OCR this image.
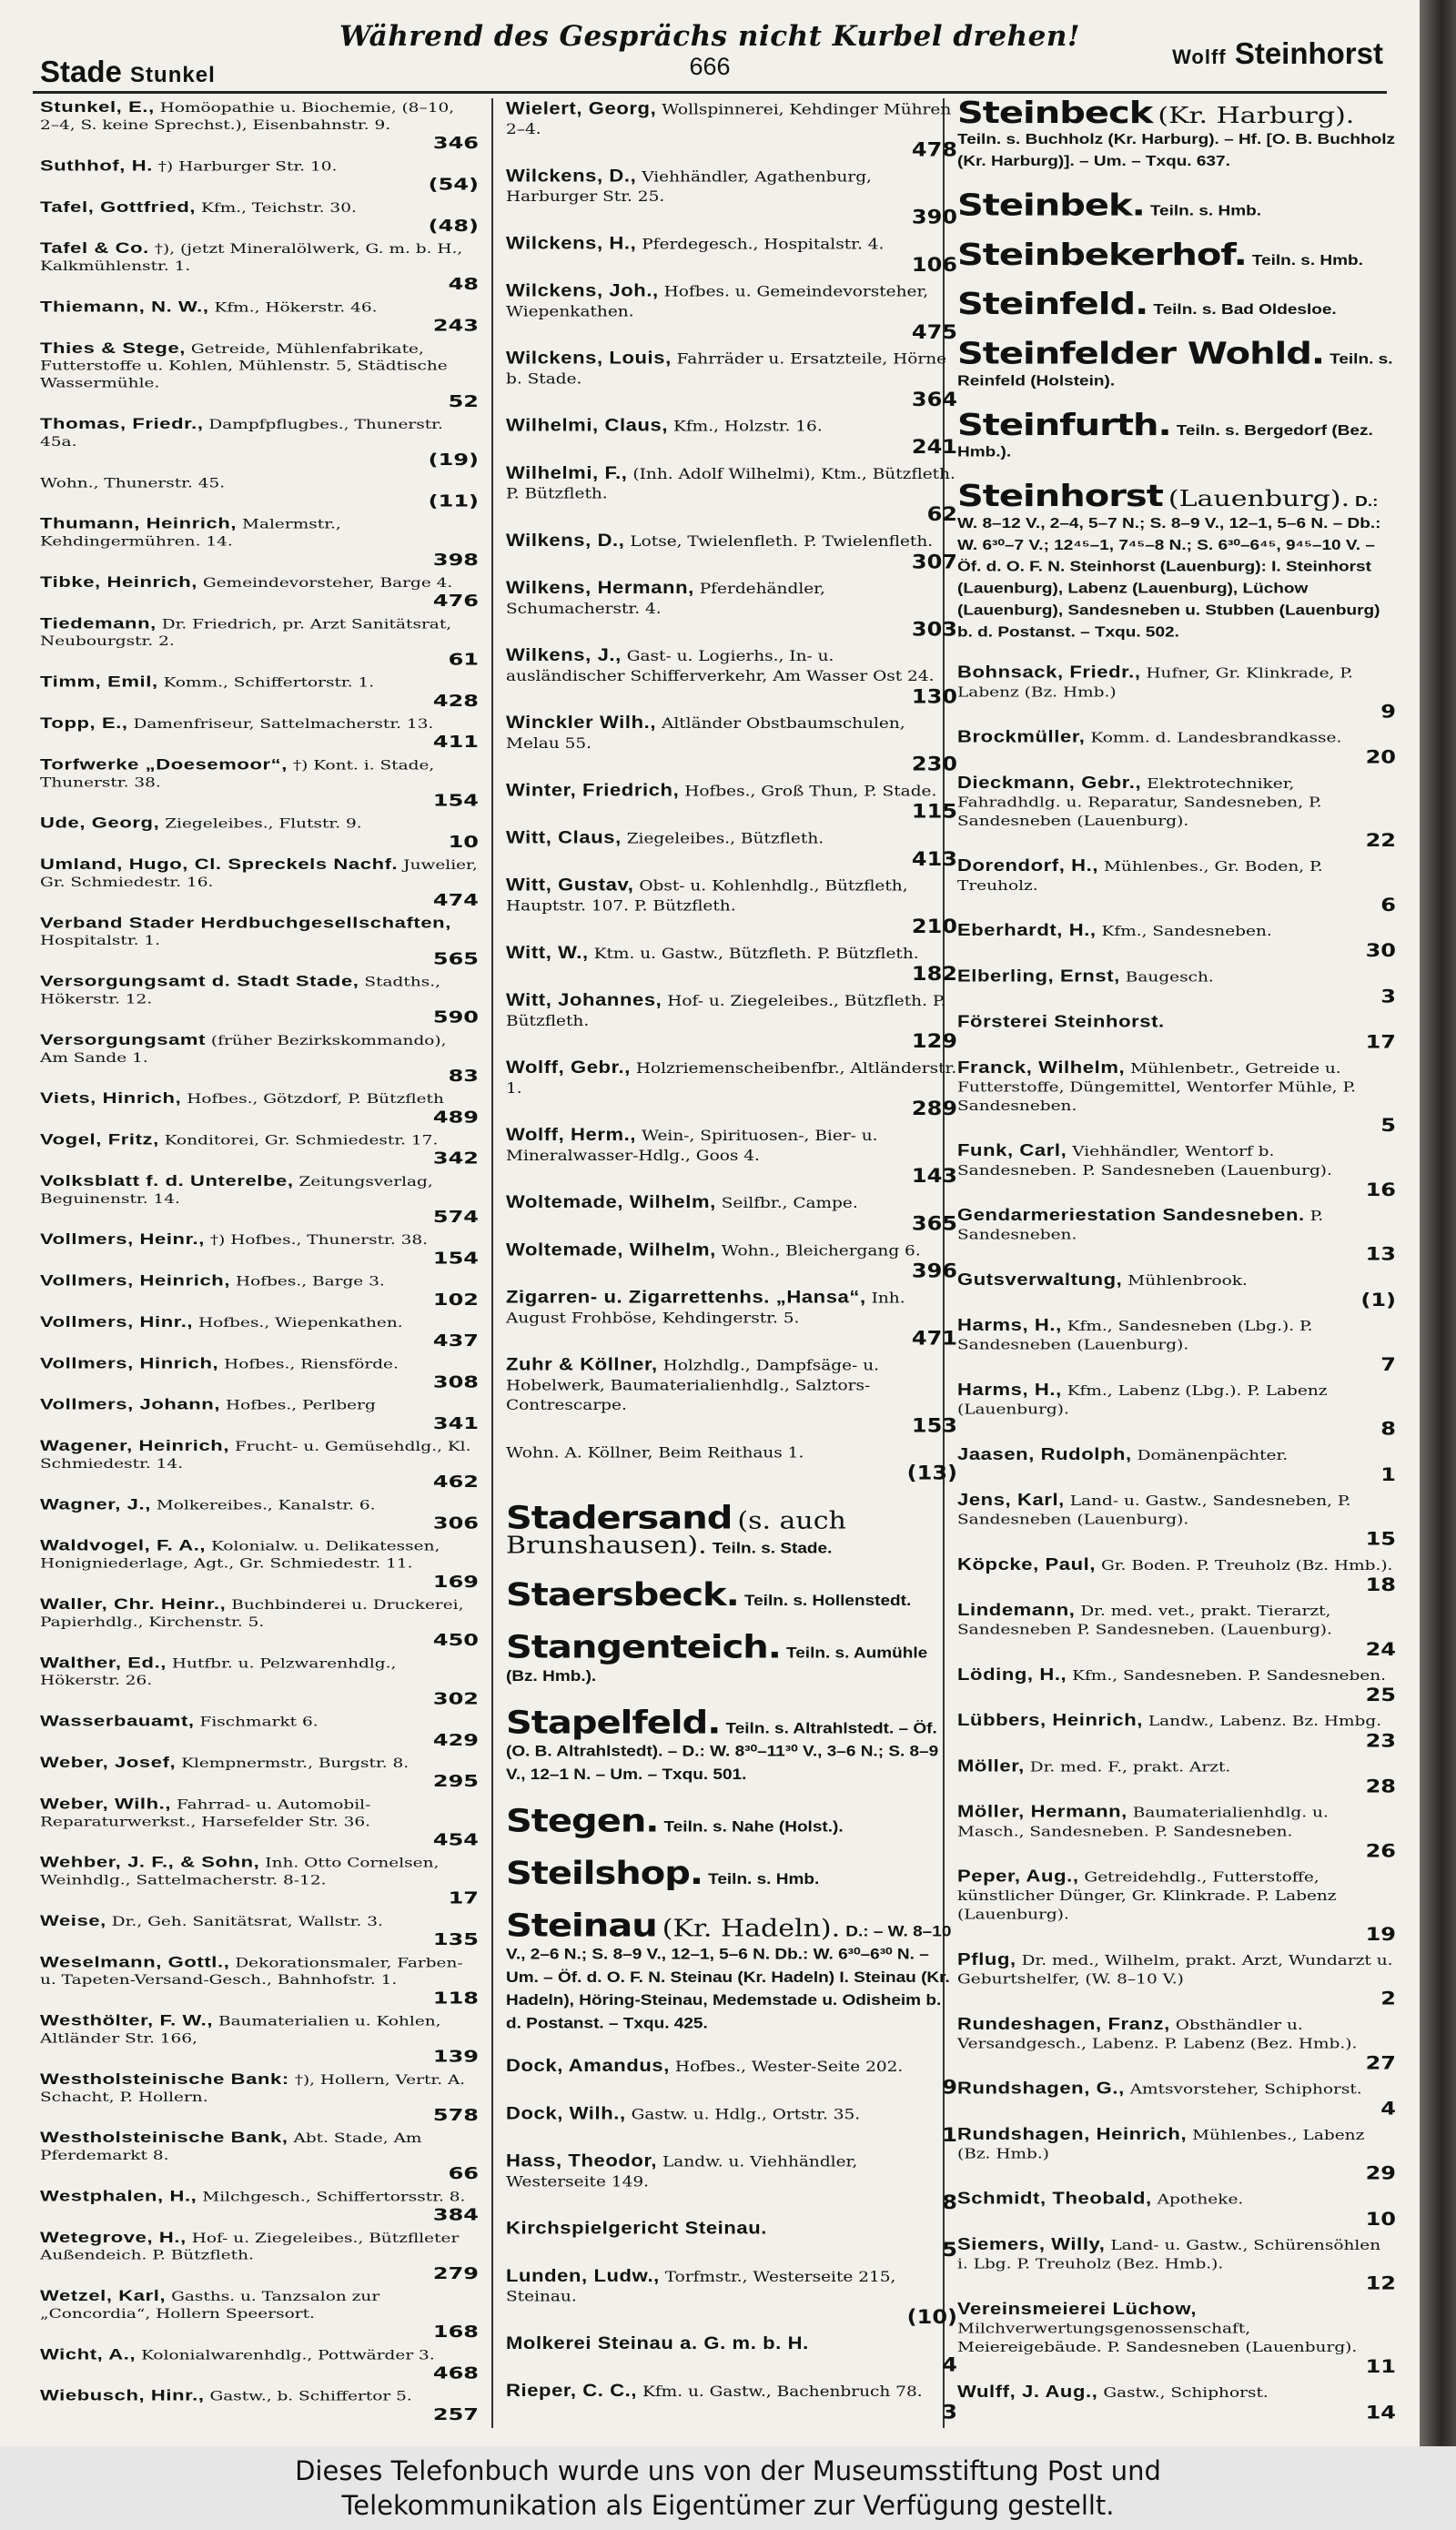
Während des Gesprächs nicht Kurbel drehen!
Stade Stunkel	666	Wolff Steinhorst
Stunkel, E., Homöopathie u. Biochemie, (8–10, 2–4, S. keine Sprechst.), Eisenbahnstr. 9.
346
Suthhof, H. †) Harburger Str. 10.
(54)
Tafel, Gottfried, Kfm., Teichstr. 30.
(48)
Tafel & Co. †), (jetzt Mineralölwerk, G. m. b. H., Kalkmühlenstr. 1.
48
Thiemann, N. W., Kfm., Hökerstr. 46.
243
Thies & Stege, Getreide, Mühlenfabrikate, Futterstoffe u. Kohlen, Mühlenstr. 5, Städtische Wassermühle.
52
Thomas, Friedr., Dampfpflugbes., Thunerstr. 45a.
(19)
Wohn., Thunerstr. 45.
(11)
Thumann, Heinrich, Malermstr., Kehdingermühren. 14.
398
Tibke, Heinrich, Gemeindevorsteher, Barge 4.
476
Tiedemann, Dr. Friedrich, pr. Arzt Sanitätsrat, Neubourgstr. 2.
61
Timm, Emil, Komm., Schiffertorstr. 1.
428
Topp, E., Damenfriseur, Sattelmacherstr. 13.
411
Torfwerke „Doesemoor“, †) Kont. i. Stade, Thunerstr. 38.
154
Ude, Georg, Ziegeleibes., Flutstr. 9.
10
Umland, Hugo, Cl. Spreckels Nachf. Juwelier, Gr. Schmiedestr. 16.
474
Verband Stader Herdbuchgesellschaften, Hospitalstr. 1.
565
Versorgungsamt d. Stadt Stade, Stadths., Hökerstr. 12.
590
Versorgungsamt (früher Bezirkskommando), Am Sande 1.
83
Viets, Hinrich, Hofbes., Götzdorf, P. Bützfleth
489
Vogel, Fritz, Konditorei, Gr. Schmiedestr. 17.
342
Volksblatt f. d. Unterelbe, Zeitungsverlag, Beguinenstr. 14.
574
Vollmers, Heinr., †) Hofbes., Thunerstr. 38.
154
Vollmers, Heinrich, Hofbes., Barge 3.
102
Vollmers, Hinr., Hofbes., Wiepenkathen.
437
Vollmers, Hinrich, Hofbes., Riensförde.
308
Vollmers, Johann, Hofbes., Perlberg
341
Wagener, Heinrich, Frucht- u. Gemüsehdlg., Kl. Schmiedestr. 14.
462
Wagner, J., Molkereibes., Kanalstr. 6.
306
Waldvogel, F. A., Kolonialw. u. Delikatessen, Honigniederlage, Agt., Gr. Schmiedestr. 11.
169
Waller, Chr. Heinr., Buchbinderei u. Druckerei, Papierhdlg., Kirchenstr. 5.
450
Walther, Ed., Hutfbr. u. Pelzwarenhdlg., Hökerstr. 26.
302
Wasserbauamt, Fischmarkt 6.
429
Weber, Josef, Klempnermstr., Burgstr. 8.
295
Weber, Wilh., Fahrrad- u. Automobil-Reparaturwerkst., Harsefelder Str. 36.
454
Wehber, J. F., & Sohn, Inh. Otto Cornelsen, Weinhdlg., Sattelmacherstr. 8-12.
17
Weise, Dr., Geh. Sanitätsrat, Wallstr. 3.
135
Weselmann, Gottl., Dekorationsmaler, Farben- u. Tapeten-Versand-Gesch., Bahnhofstr. 1.
118
Westhölter, F. W., Baumaterialien u. Kohlen, Altländer Str. 166,
139
Westholsteinische Bank: †), Hollern, Vertr. A. Schacht, P. Hollern.
578
Westholsteinische Bank, Abt. Stade, Am Pferdemarkt 8.
66
Westphalen, H., Milchgesch., Schiffertorsstr. 8.
384
Wetegrove, H., Hof- u. Ziegeleibes., Bützflleter Außendeich. P. Bützfleth.
279
Wetzel, Karl, Gasths. u. Tanzsalon zur „Concordia“, Hollern Speersort.
168
Wicht, A., Kolonialwarenhdlg., Pottwärder 3.
468
Wiebusch, Hinr., Gastw., b. Schiffertor 5.
257
Wielert, Georg, Wollspinnerei, Kehdinger Mühren 2–4.
478
Wilckens, D., Viehhändler, Agathenburg, Harburger Str. 25.
390
Wilckens, H., Pferdegesch., Hospitalstr. 4.
106
Wilckens, Joh., Hofbes. u. Gemeindevorsteher, Wiepenkathen.
475
Wilckens, Louis, Fahrräder u. Ersatzteile, Hörne b. Stade.
364
Wilhelmi, Claus, Kfm., Holzstr. 16.
241
Wilhelmi, F., (Inh. Adolf Wilhelmi), Ktm., Bützfleth. P. Bützfleth.
62
Wilkens, D., Lotse, Twielenfleth. P. Twielenfleth.
307
Wilkens, Hermann, Pferdehändler, Schumacherstr. 4.
303
Wilkens, J., Gast- u. Logierhs., In- u. ausländischer Schifferverkehr, Am Wasser Ost 24.
130
Winckler Wilh., Altländer Obstbaumschulen, Melau 55.
230
Winter, Friedrich, Hofbes., Groß Thun, P. Stade.
115
Witt, Claus, Ziegeleibes., Bützfleth.
413
Witt, Gustav, Obst- u. Kohlenhdlg., Bützfleth, Hauptstr. 107. P. Bützfleth.
210
Witt, W., Ktm. u. Gastw., Bützfleth. P. Bützfleth.
182
Witt, Johannes, Hof- u. Ziegeleibes., Bützfleth. P. Bützfleth.
129
Wolff, Gebr., Holzriemenscheibenfbr., Altländerstr. 1.
289
Wolff, Herm., Wein-, Spirituosen-, Bier- u. Mineralwasser-Hdlg., Goos 4.
143
Woltemade, Wilhelm, Seilfbr., Campe.
365
Woltemade, Wilhelm, Wohn., Bleichergang 6.
396
Zigarren- u. Zigarrettenhs. „Hansa“, Inh. August Frohböse, Kehdingerstr. 5.
471
Zuhr & Köllner, Holzhdlg., Dampfsäge- u. Hobelwerk, Baumaterialienhdlg., Salztors-Contrescarpe.
153
Wohn. A. Köllner, Beim Reithaus 1.
(13)
Stadersand (s. auch Brunshausen). Teiln. s. Stade.
Staersbeck. Teiln. s. Hollenstedt.
Stangenteich. Teiln. s. Aumühle (Bz. Hmb.).
Stapelfeld. Teiln. s. Altrahlstedt. – Öf. (O. B. Altrahlstedt). – D.: W. 8³⁰–11³⁰ V., 3–6 N.; S. 8–9 V., 12–1 N. – Um. – Txqu. 501.
Stegen. Teiln. s. Nahe (Holst.).
Steilshop. Teiln. s. Hmb.
Steinau (Kr. Hadeln). D.: – W. 8–10 V., 2–6 N.; S. 8–9 V., 12–1, 5–6 N. Db.: W. 6³⁰–6³⁰ N. – Um. – Öf. d. O. F. N. Steinau (Kr. Hadeln) I. Steinau (Kr. Hadeln), Höring-Steinau, Medemstade u. Odisheim b. d. Postanst. – Txqu. 425.
Dock, Amandus, Hofbes., Wester-Seite 202.
9
Dock, Wilh., Gastw. u. Hdlg., Ortstr. 35.
1
Hass, Theodor, Landw. u. Viehhändler, Westerseite 149.
8
Kirchspielgericht Steinau.
5
Lunden, Ludw., Torfmstr., Westerseite 215, Steinau.
(10)
Molkerei Steinau a. G. m. b. H.
4
Rieper, C. C., Kfm. u. Gastw., Bachenbruch 78.
3
Steinbeck (Kr. Harburg). Teiln. s. Buchholz (Kr. Harburg). – Hf. [O. B. Buchholz (Kr. Harburg)]. – Um. – Txqu. 637.
Steinbek. Teiln. s. Hmb.
Steinbekerhof. Teiln. s. Hmb.
Steinfeld. Teiln. s. Bad Oldesloe.
Steinfelder Wohld. Teiln. s. Reinfeld (Holstein).
Steinfurth. Teiln. s. Bergedorf (Bez. Hmb.).
Steinhorst (Lauenburg). D.: W. 8–12 V., 2–4, 5–7 N.; S. 8–9 V., 12–1, 5–6 N. – Db.: W. 6³⁰–7 V.; 12⁴⁵–1, 7⁴⁵–8 N.; S. 6³⁰–6⁴⁵, 9⁴⁵–10 V. – Öf. d. O. F. N. Steinhorst (Lauenburg): I. Steinhorst (Lauenburg), Labenz (Lauenburg), Lüchow (Lauenburg), Sandesneben u. Stubben (Lauenburg) b. d. Postanst. – Txqu. 502.
Bohnsack, Friedr., Hufner, Gr. Klinkrade, P. Labenz (Bz. Hmb.)
9
Brockmüller, Komm. d. Landesbrandkasse.
20
Dieckmann, Gebr., Elektrotechniker, Fahradhdlg. u. Reparatur, Sandesneben, P. Sandesneben (Lauenburg).
22
Dorendorf, H., Mühlenbes., Gr. Boden, P. Treuholz.
6
Eberhardt, H., Kfm., Sandesneben.
30
Elberling, Ernst, Baugesch.
3
Försterei Steinhorst.
17
Franck, Wilhelm, Mühlenbetr., Getreide u. Futterstoffe, Düngemittel, Wentorfer Mühle, P. Sandesneben.
5
Funk, Carl, Viehhändler, Wentorf b. Sandesneben. P. Sandesneben (Lauenburg).
16
Gendarmeriestation Sandesneben. P. Sandesneben.
13
Gutsverwaltung, Mühlenbrook.
(1)
Harms, H., Kfm., Sandesneben (Lbg.). P. Sandesneben (Lauenburg).
7
Harms, H., Kfm., Labenz (Lbg.). P. Labenz (Lauenburg).
8
Jaasen, Rudolph, Domänenpächter.
1
Jens, Karl, Land- u. Gastw., Sandesneben, P. Sandesneben (Lauenburg).
15
Köpcke, Paul, Gr. Boden. P. Treuholz (Bz. Hmb.).
18
Lindemann, Dr. med. vet., prakt. Tierarzt, Sandesneben P. Sandesneben. (Lauenburg).
24
Löding, H., Kfm., Sandesneben. P. Sandesneben.
25
Lübbers, Heinrich, Landw., Labenz. Bz. Hmbg.
23
Möller, Dr. med. F., prakt. Arzt.
28
Möller, Hermann, Baumaterialienhdlg. u. Masch., Sandesneben. P. Sandesneben.
26
Peper, Aug., Getreidehdlg., Futterstoffe, künstlicher Dünger, Gr. Klinkrade. P. Labenz (Lauenburg).
19
Pflug, Dr. med., Wilhelm, prakt. Arzt, Wundarzt u. Geburtshelfer, (W. 8–10 V.)
2
Rundeshagen, Franz, Obsthändler u. Versandgesch., Labenz. P. Labenz (Bez. Hmb.).
27
Rundshagen, G., Amtsvorsteher, Schiphorst.
4
Rundshagen, Heinrich, Mühlenbes., Labenz (Bz. Hmb.)
29
Schmidt, Theobald, Apotheke.
10
Siemers, Willy, Land- u. Gastw., Schürensöhlen i. Lbg. P. Treuholz (Bez. Hmb.).
12
Vereinsmeierei Lüchow, Milchverwertungsgenossenschaft, Meiereigebäude. P. Sandesneben (Lauenburg).
11
Wulff, J. Aug., Gastw., Schiphorst.
14
Dieses Telefonbuch wurde uns von der Museumsstiftung Post und
Telekommunikation als Eigentümer zur Verfügung gestellt.
